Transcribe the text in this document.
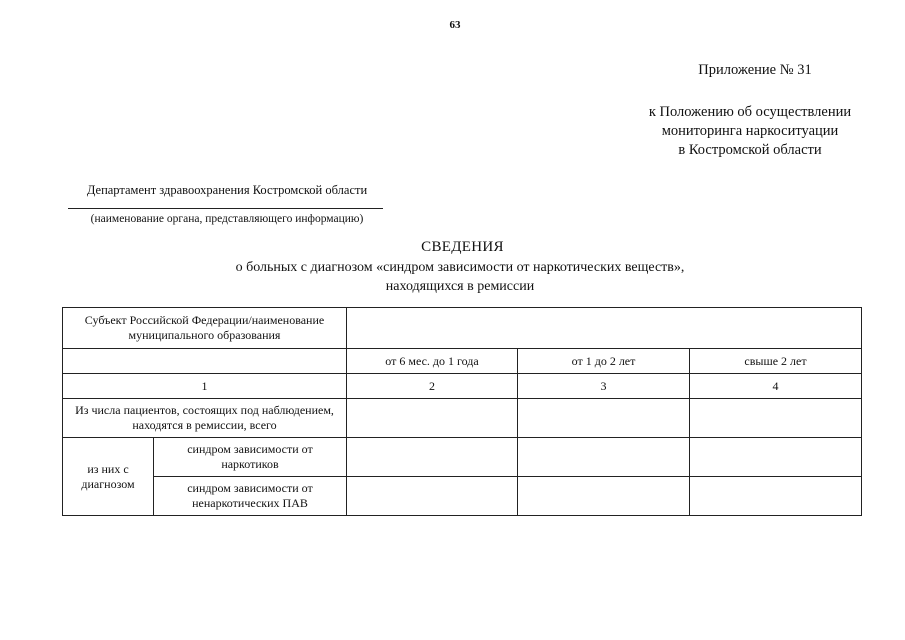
63
Приложение № 31
к Положению об осуществлении
мониторинга наркоситуации
в Костромской области
Департамент здравоохранения Костромской области
(наименование органа, представляющего информацию)
СВЕДЕНИЯ
о больных с диагнозом «синдром зависимости от наркотических веществ»,
находящихся в ремиссии
Субъект Российской Федерации/наименование муниципального образования				
		от 6 мес. до 1 года	от 1 до 2 лет	свыше 2 лет
1		2	3	4
Из числа пациентов, состоящих под наблюдением, находятся в ремиссии, всего				
из них с диагнозом	синдром зависимости от наркотиков			
	синдром зависимости от ненаркотических ПАВ			
